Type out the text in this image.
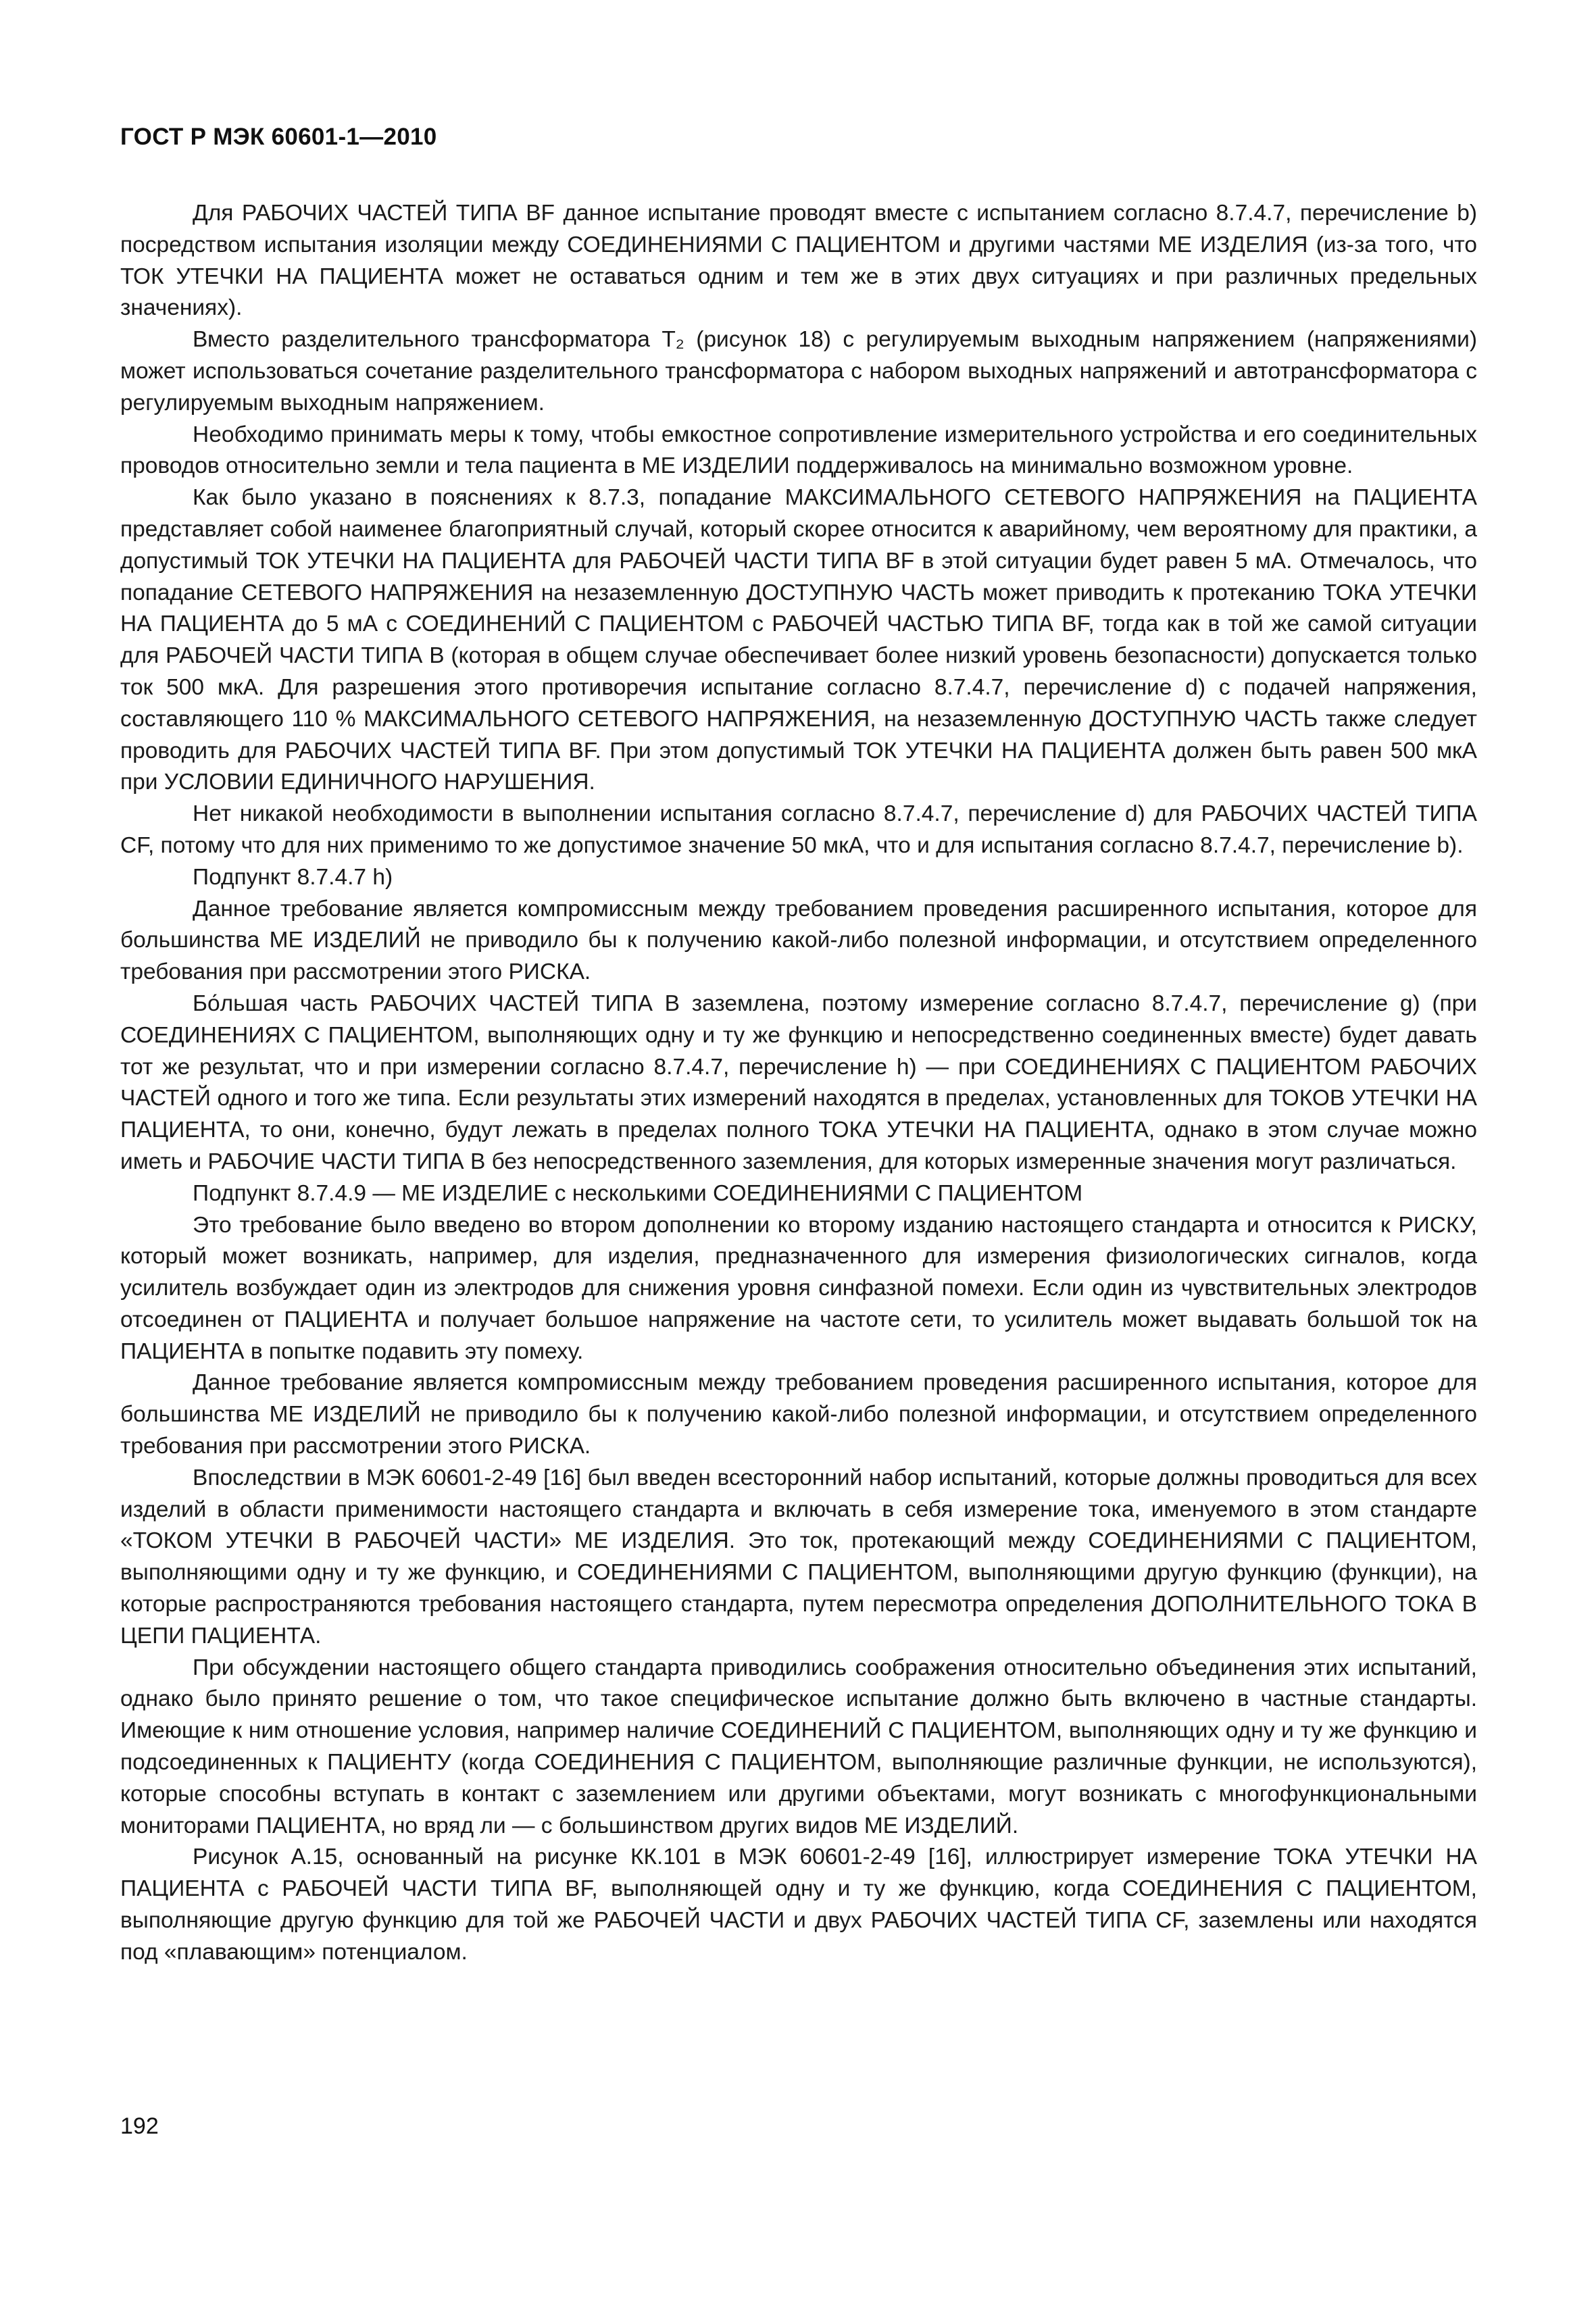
ГОСТ Р МЭК 60601-1—2010

Для РАБОЧИХ ЧАСТЕЙ ТИПА BF данное испытание проводят вместе с испытанием согласно 8.7.4.7, перечисление b) посредством испытания изоляции между СОЕДИНЕНИЯМИ С ПАЦИЕНТОМ и другими частями МЕ ИЗДЕЛИЯ (из-за того, что ТОК УТЕЧКИ НА ПАЦИЕНТА может не оставаться одним и тем же в этих двух ситуациях и при различных предельных значениях).

Вместо разделительного трансформатора T₂ (рисунок 18) с регулируемым выходным напряжением (напряжениями) может использоваться сочетание разделительного трансформатора с набором выходных напряжений и автотрансформатора с регулируемым выходным напряжением.

Необходимо принимать меры к тому, чтобы емкостное сопротивление измерительного устройства и его соединительных проводов относительно земли и тела пациента в МЕ ИЗДЕЛИИ поддерживалось на минимально возможном уровне.

Как было указано в пояснениях к 8.7.3, попадание МАКСИМАЛЬНОГО СЕТЕВОГО НАПРЯЖЕНИЯ на ПАЦИЕНТА представляет собой наименее благоприятный случай, который скорее относится к аварийному, чем вероятному для практики, а допустимый ТОК УТЕЧКИ НА ПАЦИЕНТА для РАБОЧЕЙ ЧАСТИ ТИПА BF в этой ситуации будет равен 5 мА. Отмечалось, что попадание СЕТЕВОГО НАПРЯЖЕНИЯ на незаземленную ДОСТУПНУЮ ЧАСТЬ может приводить к протеканию ТОКА УТЕЧКИ НА ПАЦИЕНТА до 5 мА с СОЕДИНЕНИЙ С ПАЦИЕНТОМ с РАБОЧЕЙ ЧАСТЬЮ ТИПА BF, тогда как в той же самой ситуации для РАБОЧЕЙ ЧАСТИ ТИПА В (которая в общем случае обеспечивает более низкий уровень безопасности) допускается только ток 500 мкА. Для разрешения этого противоречия испытание согласно 8.7.4.7, перечисление d) с подачей напряжения, составляющего 110 % МАКСИМАЛЬНОГО СЕТЕВОГО НАПРЯЖЕНИЯ, на незаземленную ДОСТУПНУЮ ЧАСТЬ также следует проводить для РАБОЧИХ ЧАСТЕЙ ТИПА BF. При этом допустимый ТОК УТЕЧКИ НА ПАЦИЕНТА должен быть равен 500 мкА при УСЛОВИИ ЕДИНИЧНОГО НАРУШЕНИЯ.

Нет никакой необходимости в выполнении испытания согласно 8.7.4.7, перечисление d) для РАБОЧИХ ЧАСТЕЙ ТИПА CF, потому что для них применимо то же допустимое значение 50 мкА, что и для испытания согласно 8.7.4.7, перечисление b).

Подпункт 8.7.4.7 h)

Данное требование является компромиссным между требованием проведения расширенного испытания, которое для большинства МЕ ИЗДЕЛИЙ не приводило бы к получению какой-либо полезной информации, и отсутствием определенного требования при рассмотрении этого РИСКА.

Бо́льшая часть РАБОЧИХ ЧАСТЕЙ ТИПА В заземлена, поэтому измерение согласно 8.7.4.7, перечисление g) (при СОЕДИНЕНИЯХ С ПАЦИЕНТОМ, выполняющих одну и ту же функцию и непосредственно соединенных вместе) будет давать тот же результат, что и при измерении согласно 8.7.4.7, перечисление h) — при СОЕДИНЕНИЯХ С ПАЦИЕНТОМ РАБОЧИХ ЧАСТЕЙ одного и того же типа. Если результаты этих измерений находятся в пределах, установленных для ТОКОВ УТЕЧКИ НА ПАЦИЕНТА, то они, конечно, будут лежать в пределах полного ТОКА УТЕЧКИ НА ПАЦИЕНТА, однако в этом случае можно иметь и РАБОЧИЕ ЧАСТИ ТИПА В без непосредственного заземления, для которых измеренные значения могут различаться.

Подпункт 8.7.4.9 — МЕ ИЗДЕЛИЕ с несколькими СОЕДИНЕНИЯМИ С ПАЦИЕНТОМ

Это требование было введено во втором дополнении ко второму изданию настоящего стандарта и относится к РИСКУ, который может возникать, например, для изделия, предназначенного для измерения физиологических сигналов, когда усилитель возбуждает один из электродов для снижения уровня синфазной помехи. Если один из чувствительных электродов отсоединен от ПАЦИЕНТА и получает большое напряжение на частоте сети, то усилитель может выдавать большой ток на ПАЦИЕНТА в попытке подавить эту помеху.

Данное требование является компромиссным между требованием проведения расширенного испытания, которое для большинства МЕ ИЗДЕЛИЙ не приводило бы к получению какой-либо полезной информации, и отсутствием определенного требования при рассмотрении этого РИСКА.

Впоследствии в МЭК 60601-2-49 [16] был введен всесторонний набор испытаний, которые должны проводиться для всех изделий в области применимости настоящего стандарта и включать в себя измерение тока, именуемого в этом стандарте «ТОКОМ УТЕЧКИ В РАБОЧЕЙ ЧАСТИ» МЕ ИЗДЕЛИЯ. Это ток, протекающий между СОЕДИНЕНИЯМИ С ПАЦИЕНТОМ, выполняющими одну и ту же функцию, и СОЕДИНЕНИЯМИ С ПАЦИЕНТОМ, выполняющими другую функцию (функции), на которые распространяются требования настоящего стандарта, путем пересмотра определения ДОПОЛНИТЕЛЬНОГО ТОКА В ЦЕПИ ПАЦИЕНТА.

При обсуждении настоящего общего стандарта приводились соображения относительно объединения этих испытаний, однако было принято решение о том, что такое специфическое испытание должно быть включено в частные стандарты. Имеющие к ним отношение условия, например наличие СОЕДИНЕНИЙ С ПАЦИЕНТОМ, выполняющих одну и ту же функцию и подсоединенных к ПАЦИЕНТУ (когда СОЕДИНЕНИЯ С ПАЦИЕНТОМ, выполняющие различные функции, не используются), которые способны вступать в контакт с заземлением или другими объектами, могут возникать с многофункциональными мониторами ПАЦИЕНТА, но вряд ли — с большинством других видов МЕ ИЗДЕЛИЙ.

Рисунок А.15, основанный на рисунке КК.101 в МЭК 60601-2-49 [16], иллюстрирует измерение ТОКА УТЕЧКИ НА ПАЦИЕНТА с РАБОЧЕЙ ЧАСТИ ТИПА BF, выполняющей одну и ту же функцию, когда СОЕДИНЕНИЯ С ПАЦИЕНТОМ, выполняющие другую функцию для той же РАБОЧЕЙ ЧАСТИ и двух РАБОЧИХ ЧАСТЕЙ ТИПА CF, заземлены или находятся под «плавающим» потенциалом.

192
